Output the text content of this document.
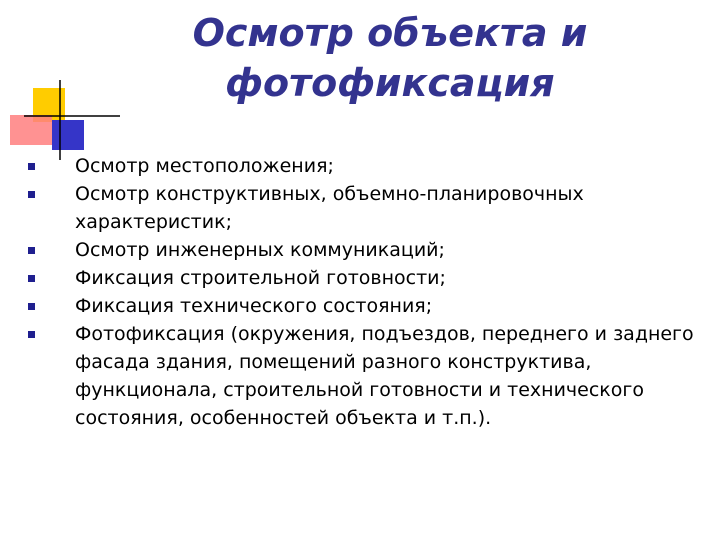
Осмотр объекта и
фотофиксация
Осмотр местоположения;
Осмотр конструктивных, объемно-планировочных характеристик;
Осмотр инженерных коммуникаций;
Фиксация строительной готовности;
Фиксация технического состояния;
Фотофиксация (окружения, подъездов, переднего и заднего фасада здания, помещений разного конструктива, функционала, строительной готовности и технического состояния, особенностей объекта и т.п.).
